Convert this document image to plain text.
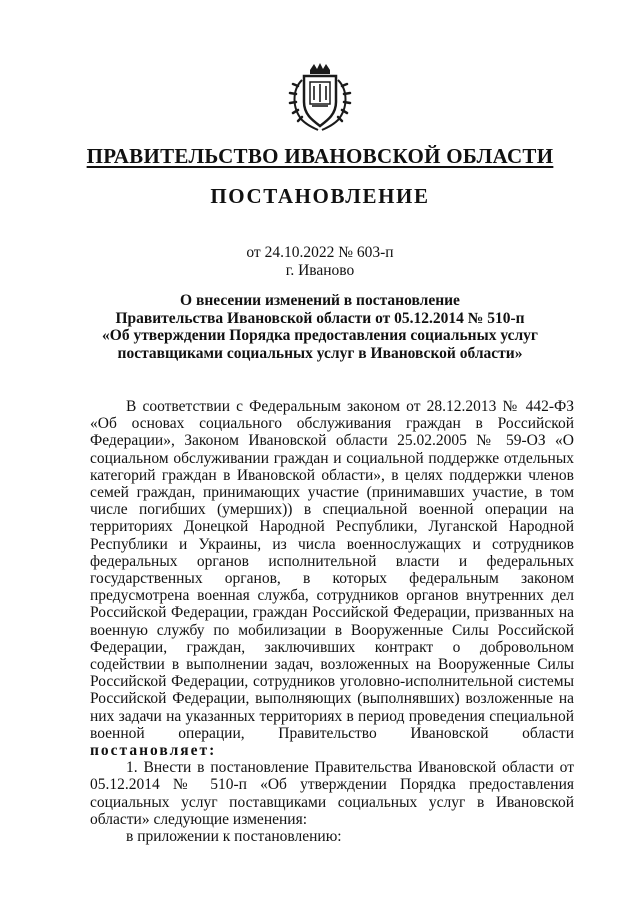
ПРАВИТЕЛЬСТВО ИВАНОВСКОЙ ОБЛАСТИ
ПОСТАНОВЛЕНИЕ
от 24.10.2022 № 603-п
г. Иваново
О внесении изменений в постановление
Правительства Ивановской области от 05.12.2014 № 510-п
«Об утверждении Порядка предоставления социальных услуг
поставщиками социальных услуг в Ивановской области»

В соответствии с Федеральным законом от 28.12.2013 № 442-ФЗ «Об основах социального обслуживания граждан в Российской Федерации», Законом Ивановской области 25.02.2005 № 59-ОЗ «О социальном обслуживании граждан и социальной поддержке отдельных категорий граждан в Ивановской области», в целях поддержки членов семей граждан, принимающих участие (принимавших участие, в том числе погибших (умерших)) в специальной военной операции на территориях Донецкой Народной Республики, Луганской Народной Республики и Украины, из числа военнослужащих и сотрудников федеральных органов исполнительной власти и федеральных государственных органов, в которых федеральным законом предусмотрена военная служба, сотрудников органов внутренних дел Российской Федерации, граждан Российской Федерации, призванных на военную службу по мобилизации в Вооруженные Силы Российской Федерации, граждан, заключивших контракт о добровольном содействии в выполнении задач, возложенных на Вооруженные Силы Российской Федерации, сотрудников уголовно-исполнительной системы Российской Федерации, выполняющих (выполнявших) возложенные на них задачи на указанных территориях в период проведения специальной военной операции, Правительство Ивановской области постановляет:

1. Внести в постановление Правительства Ивановской области от 05.12.2014 № 510-п «Об утверждении Порядка предоставления социальных услуг поставщиками социальных услуг в Ивановской области» следующие изменения:

в приложении к постановлению:
